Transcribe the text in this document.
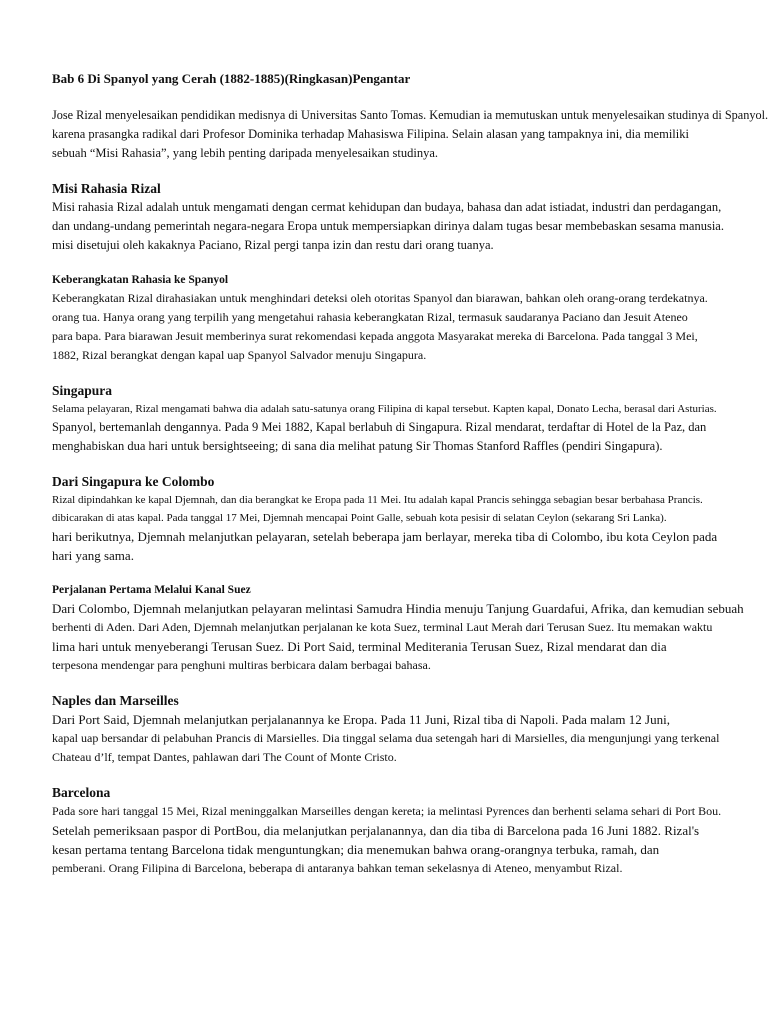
Bab 6 Di Spanyol yang Cerah (1882-1885)(Ringkasan)Pengantar
Jose Rizal menyelesaikan pendidikan medisnya di Universitas Santo Tomas. Kemudian ia memutuskan untuk menyelesaikan studinya di Spanyol.
karena prasangka radikal dari Profesor Dominika terhadap Mahasiswa Filipina. Selain alasan yang tampaknya ini, dia memiliki
sebuah “Misi Rahasia”, yang lebih penting daripada menyelesaikan studinya.
Misi Rahasia Rizal
Misi rahasia Rizal adalah untuk mengamati dengan cermat kehidupan dan budaya, bahasa dan adat istiadat, industri dan perdagangan,
dan undang-undang pemerintah negara-negara Eropa untuk mempersiapkan dirinya dalam tugas besar membebaskan sesama manusia.
misi disetujui oleh kakaknya Paciano, Rizal pergi tanpa izin dan restu dari orang tuanya.
Keberangkatan Rahasia ke Spanyol
Keberangkatan Rizal dirahasiakan untuk menghindari deteksi oleh otoritas Spanyol dan biarawan, bahkan oleh orang-orang terdekatnya.
orang tua. Hanya orang yang terpilih yang mengetahui rahasia keberangkatan Rizal, termasuk saudaranya Paciano dan Jesuit Ateneo
para bapa. Para biarawan Jesuit memberinya surat rekomendasi kepada anggota Masyarakat mereka di Barcelona. Pada tanggal 3 Mei,
1882, Rizal berangkat dengan kapal uap Spanyol Salvador menuju Singapura.
Singapura
Selama pelayaran, Rizal mengamati bahwa dia adalah satu-satunya orang Filipina di kapal tersebut. Kapten kapal, Donato Lecha, berasal dari Asturias.
Spanyol, bertemanlah dengannya. Pada 9 Mei 1882, Kapal berlabuh di Singapura. Rizal mendarat, terdaftar di Hotel de la Paz, dan
menghabiskan dua hari untuk bersightseeing; di sana dia melihat patung Sir Thomas Stanford Raffles (pendiri Singapura).
Dari Singapura ke Colombo
Rizal dipindahkan ke kapal Djemnah, dan dia berangkat ke Eropa pada 11 Mei. Itu adalah kapal Prancis sehingga sebagian besar berbahasa Prancis.
dibicarakan di atas kapal. Pada tanggal 17 Mei, Djemnah mencapai Point Galle, sebuah kota pesisir di selatan Ceylon (sekarang Sri Lanka).
hari berikutnya, Djemnah melanjutkan pelayaran, setelah beberapa jam berlayar, mereka tiba di Colombo, ibu kota Ceylon pada
hari yang sama.
Perjalanan Pertama Melalui Kanal Suez
Dari Colombo, Djemnah melanjutkan pelayaran melintasi Samudra Hindia menuju Tanjung Guardafui, Afrika, dan kemudian sebuah
berhenti di Aden. Dari Aden, Djemnah melanjutkan perjalanan ke kota Suez, terminal Laut Merah dari Terusan Suez. Itu memakan waktu
lima hari untuk menyeberangi Terusan Suez. Di Port Said, terminal Mediterania Terusan Suez, Rizal mendarat dan dia
terpesona mendengar para penghuni multiras berbicara dalam berbagai bahasa.
Naples dan Marseilles
Dari Port Said, Djemnah melanjutkan perjalanannya ke Eropa. Pada 11 Juni, Rizal tiba di Napoli. Pada malam 12 Juni,
kapal uap bersandar di pelabuhan Prancis di Marsielles. Dia tinggal selama dua setengah hari di Marsielles, dia mengunjungi yang terkenal
Chateau d’lf, tempat Dantes, pahlawan dari The Count of Monte Cristo.
Barcelona
Pada sore hari tanggal 15 Mei, Rizal meninggalkan Marseilles dengan kereta; ia melintasi Pyrences dan berhenti selama sehari di Port Bou.
Setelah pemeriksaan paspor di PortBou, dia melanjutkan perjalanannya, dan dia tiba di Barcelona pada 16 Juni 1882. Rizal's
kesan pertama tentang Barcelona tidak menguntungkan; dia menemukan bahwa orang-orangnya terbuka, ramah, dan
pemberani. Orang Filipina di Barcelona, beberapa di antaranya bahkan teman sekelasnya di Ateneo, menyambut Rizal.
